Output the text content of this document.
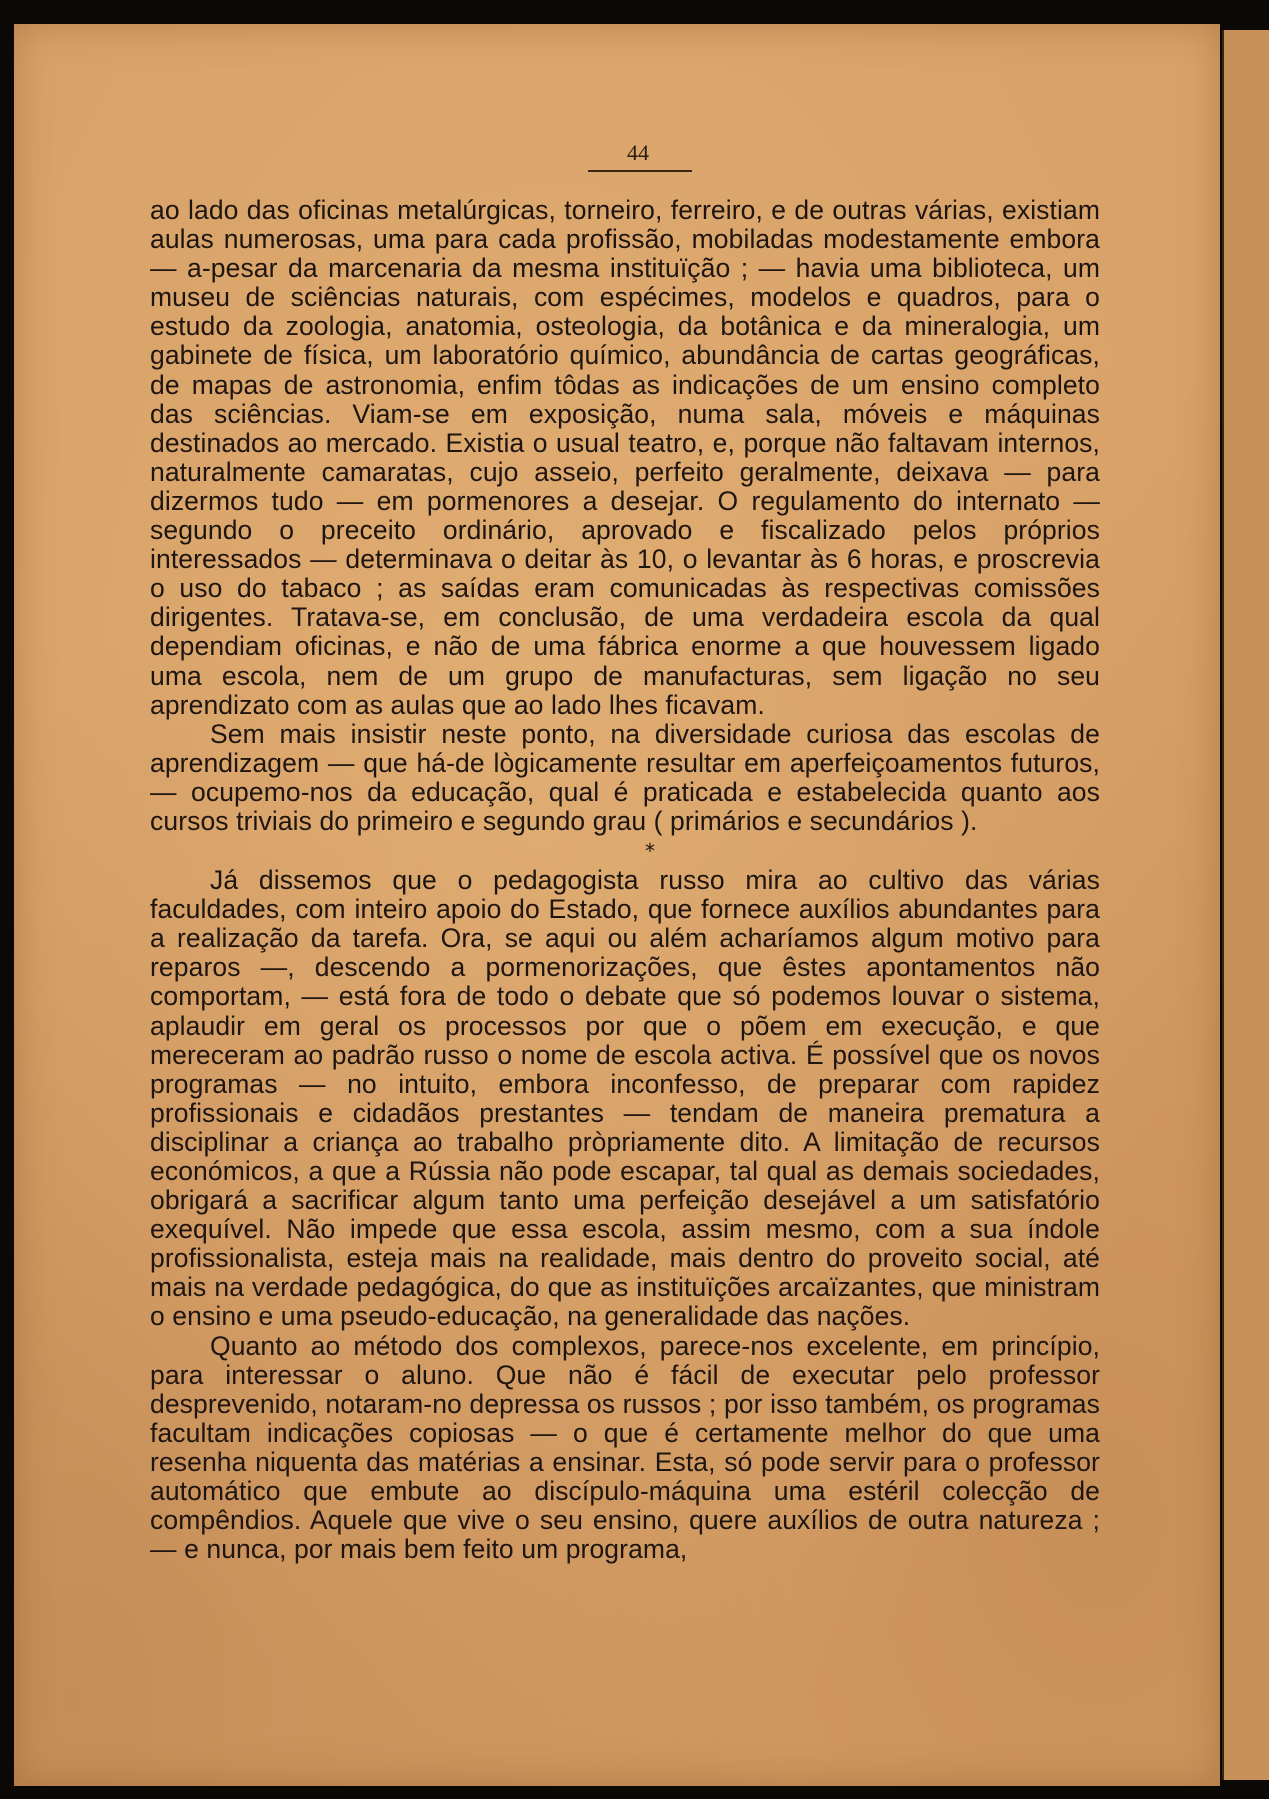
44

ao lado das oficinas metalúrgicas, torneiro, ferreiro, e de outras várias, existiam aulas numerosas, uma para cada profissão, mobiladas modestamente embora — a-pesar da marcenaria da mesma instituïção ; — havia uma biblioteca, um museu de sciências naturais, com espécimes, modelos e quadros, para o estudo da zoologia, anatomia, osteologia, da botânica e da mineralogia, um gabinete de física, um laboratório químico, abundância de cartas geográficas, de mapas de astronomia, enfim tôdas as indicações de um ensino completo das sciências. Viam-se em exposição, numa sala, móveis e máquinas destinados ao mercado. Existia o usual teatro, e, porque não faltavam internos, naturalmente camaratas, cujo asseio, perfeito geralmente, deixava — para dizermos tudo — em pormenores a desejar. O regulamento do internato — segundo o preceito ordinário, aprovado e fiscalizado pelos próprios interessados — determinava o deitar às 10, o levantar às 6 horas, e proscrevia o uso do tabaco ; as saídas eram comunicadas às respectivas comissões dirigentes. Tratava-se, em conclusão, de uma verdadeira escola da qual dependiam oficinas, e não de uma fábrica enorme a que houvessem ligado uma escola, nem de um grupo de manufacturas, sem ligação no seu aprendizato com as aulas que ao lado lhes ficavam.

Sem mais insistir neste ponto, na diversidade curiosa das escolas de aprendizagem — que há-de lògicamente resultar em aperfeiçoamentos futuros, — ocupemo-nos da educação, qual é praticada e estabelecida quanto aos cursos triviais do primeiro e segundo grau ( primários e secundários ).

*

Já dissemos que o pedagogista russo mira ao cultivo das várias faculdades, com inteiro apoio do Estado, que fornece auxílios abundantes para a realização da tarefa. Ora, se aqui ou além acharíamos algum motivo para reparos —, descendo a pormenorizações, que êstes apontamentos não comportam, — está fora de todo o debate que só podemos louvar o sistema, aplaudir em geral os processos por que o põem em execução, e que mereceram ao padrão russo o nome de escola activa. É possível que os novos programas — no intuito, embora inconfesso, de preparar com rapidez profissionais e cidadãos prestantes — tendam de maneira prematura a disciplinar a criança ao trabalho pròpriamente dito. A limitação de recursos económicos, a que a Rússia não pode escapar, tal qual as demais sociedades, obrigará a sacrificar algum tanto uma perfeição desejável a um satisfatório exequível. Não impede que essa escola, assim mesmo, com a sua índole profissionalista, esteja mais na realidade, mais dentro do proveito social, até mais na verdade pedagógica, do que as instituïções arcaïzantes, que ministram o ensino e uma pseudo-educação, na generalidade das nações.

Quanto ao método dos complexos, parece-nos excelente, em princípio, para interessar o aluno. Que não é fácil de executar pelo professor desprevenido, notaram-no depressa os russos ; por isso também, os programas facultam indicações copiosas — o que é certamente melhor do que uma resenha niquenta das matérias a ensinar. Esta, só pode servir para o professor automático que embute ao discípulo-máquina uma estéril colecção de compêndios. Aquele que vive o seu ensino, quere auxílios de outra natureza ; — e nunca, por mais bem feito um programa,
